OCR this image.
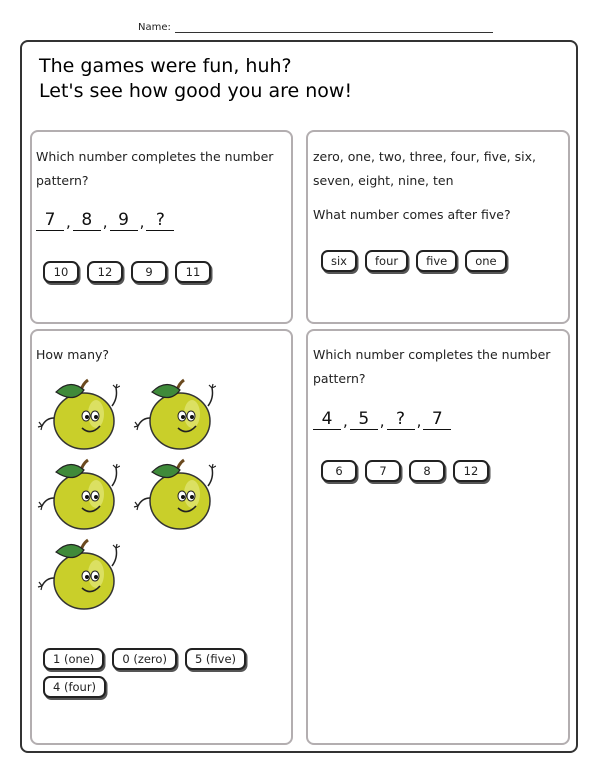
Name:
The games were fun, huh?
Let's see how good you are now!

Which number completes the number pattern?

7 , 8 , 9 , ?
10	12	9	11

zero, one, two, three, four, five, six, seven, eight, nine, ten

What number comes after five?

six	four	five	one

How many?

1 (one)	0 (zero)	5 (five)
4 (four)

Which number completes the number pattern?

4 , 5 , ? , 7
6	7	8	12
